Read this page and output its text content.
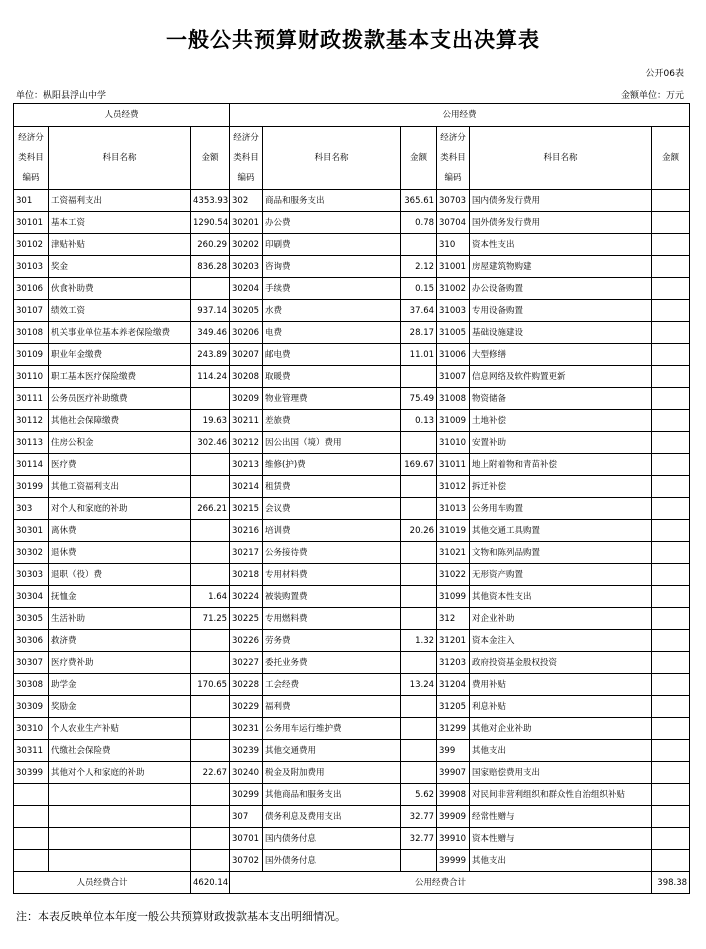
一般公共预算财政拨款基本支出决算表
公开06表
单位：枞阳县浮山中学	金额单位：万元
人员经费			公用经费					
经济分类科目编码	科目名称	金额	经济分类科目编码	科目名称	金额	经济分类科目编码	科目名称	金额
301	工资福利支出	4353.93	302	商品和服务支出	365.61	30703	国内债务发行费用	
30101	基本工资	1290.54	30201	办公费	0.78	30704	国外债务发行费用	
30102	津贴补贴	260.29	30202	印刷费		310	资本性支出	
30103	奖金	836.28	30203	咨询费	2.12	31001	房屋建筑物购建	
30106	伙食补助费		30204	手续费	0.15	31002	办公设备购置	
30107	绩效工资	937.14	30205	水费	37.64	31003	专用设备购置	
30108	机关事业单位基本养老保险缴费	349.46	30206	电费	28.17	31005	基础设施建设	
30109	职业年金缴费	243.89	30207	邮电费	11.01	31006	大型修缮	
30110	职工基本医疗保险缴费	114.24	30208	取暖费		31007	信息网络及软件购置更新	
30111	公务员医疗补助缴费		30209	物业管理费	75.49	31008	物资储备	
30112	其他社会保障缴费	19.63	30211	差旅费	0.13	31009	土地补偿	
30113	住房公积金	302.46	30212	因公出国（境）费用		31010	安置补助	
30114	医疗费		30213	维修(护)费	169.67	31011	地上附着物和青苗补偿	
30199	其他工资福利支出		30214	租赁费		31012	拆迁补偿	
303	对个人和家庭的补助	266.21	30215	会议费		31013	公务用车购置	
30301	离休费		30216	培训费	20.26	31019	其他交通工具购置	
30302	退休费		30217	公务接待费		31021	文物和陈列品购置	
30303	退职（役）费		30218	专用材料费		31022	无形资产购置	
30304	抚恤金	1.64	30224	被装购置费		31099	其他资本性支出	
30305	生活补助	71.25	30225	专用燃料费		312	对企业补助	
30306	救济费		30226	劳务费	1.32	31201	资本金注入	
30307	医疗费补助		30227	委托业务费		31203	政府投资基金股权投资	
30308	助学金	170.65	30228	工会经费	13.24	31204	费用补贴	
30309	奖励金		30229	福利费		31205	利息补贴	
30310	个人农业生产补贴		30231	公务用车运行维护费		31299	其他对企业补助	
30311	代缴社会保险费		30239	其他交通费用		399	其他支出	
30399	其他对个人和家庭的补助	22.67	30240	税金及附加费用		39907	国家赔偿费用支出	
			30299	其他商品和服务支出	5.62	39908	对民间非营利组织和群众性自治组织补贴	
			307	债务利息及费用支出	32.77	39909	经常性赠与	
			30701	国内债务付息	32.77	39910	资本性赠与	
			30702	国外债务付息		39999	其他支出	
人员经费合计		4620.14	公用经费合计					398.38
注：本表反映单位本年度一般公共预算财政拨款基本支出明细情况。
